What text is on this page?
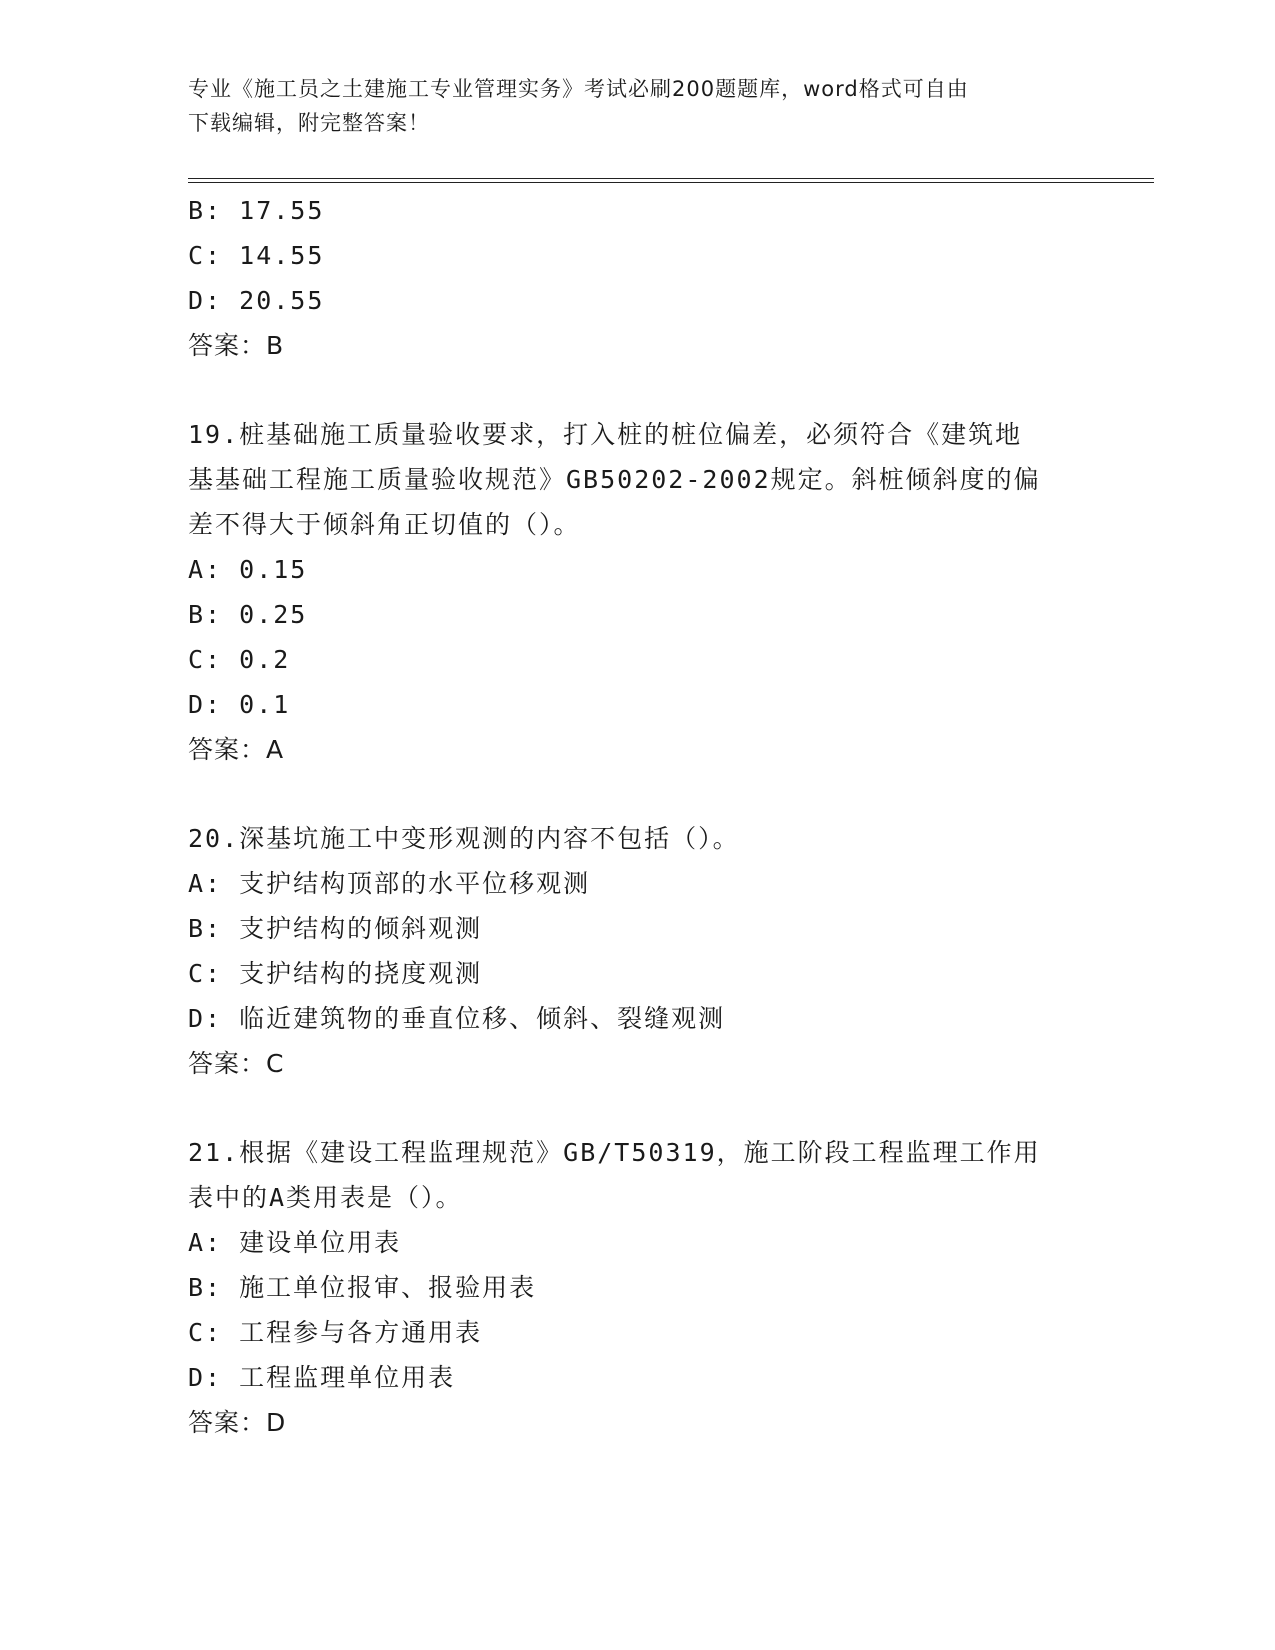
专业《施工员之土建施工专业管理实务》考试必刷200题题库，word格式可自由
下载编辑，附完整答案！
B: 17.55
C: 14.55
D: 20.55
答案：B
19.桩基础施工质量验收要求，打入桩的桩位偏差，必须符合《建筑地
基基础工程施工质量验收规范》GB50202-2002规定。斜桩倾斜度的偏
差不得大于倾斜角正切值的（）。
A: 0.15
B: 0.25
C: 0.2
D: 0.1
答案：A
20.深基坑施工中变形观测的内容不包括（）。
A: 支护结构顶部的水平位移观测
B: 支护结构的倾斜观测
C: 支护结构的挠度观测
D: 临近建筑物的垂直位移、倾斜、裂缝观测
答案：C
21.根据《建设工程监理规范》GB/T50319，施工阶段工程监理工作用
表中的A类用表是（）。
A: 建设单位用表
B: 施工单位报审、报验用表
C: 工程参与各方通用表
D: 工程监理单位用表
答案：D
